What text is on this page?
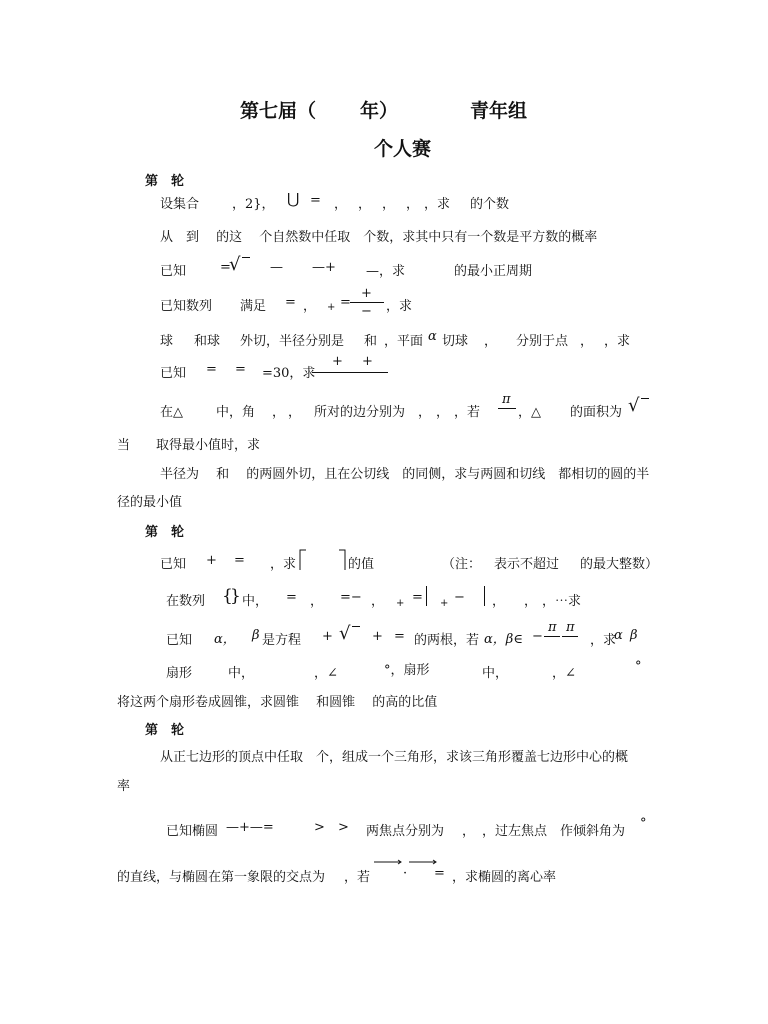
第七届（ 年）	青年组
个人赛
第 轮
设集合	，2}， ⋃ = ， ， ， ， ，求 的个数
从　到　 的这　 个自然数中任取　个数，求其中只有一个数是平方数的概率
已知	=
√ — —+ —，求	的最小正周期
已知数列 满足 = ， + =
+
− ，求
球 和球 外切，半径分别是 和 ，平面 α 切球 ， 分别于点 ， ，求
已知 = = =30，求
+ +
在△	中，角 ， ， 所对的边分别为 ， ， ，若
π
，△ 的面积为 √
当 取得最小值时，求
半径为　 和　 的两圆外切，且在公切线　的同侧，求与两圆和切线　都相切的圆的半
径的最小值
第 轮
已知 + = ，求	的值	（注： 表示不超过 的最大整数）
在数列 {
} 中， = ， =− ， + = + − ， ， ，⋯求
已知 α， β 是方程 + √ + = 的两根，若 α，β∈ −
π π
，求
α β
扇形	中，	，∠	°，扇形	中，	，∠	°
将这两个扇形卷成圆锥，求圆锥　 和圆锥　 的高的比值
第 轮
从正七边形的顶点中任取　个，组成一个三角形，求该三角形覆盖七边形中心的概
率
已知椭圆 —+—=	> > 两焦点分别为 ， ，过左焦点 作倾斜角为
°
的直线，与椭圆在第一象限的交点为 ，若	· = ，求椭圆的离心率
